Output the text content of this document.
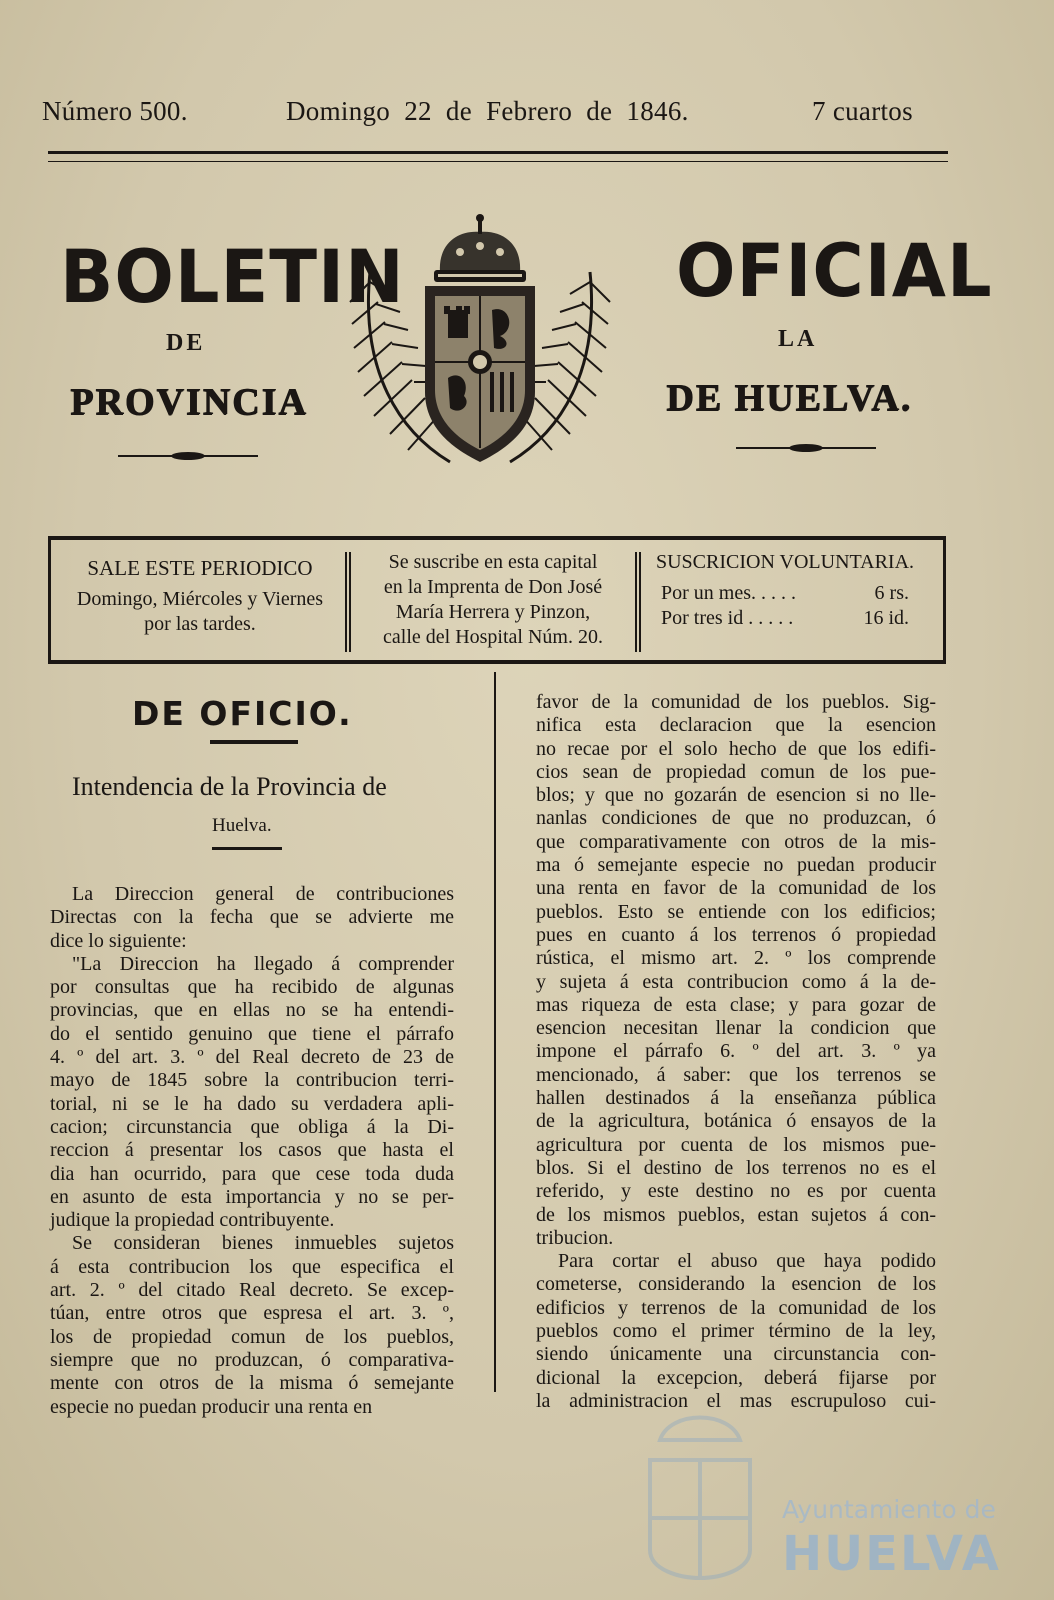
Número 500.	Domingo  22  de  Febrero  de  1846.	7 cuartos
BOLETIN	OFICIAL
DE	LA
PROVINCIA	DE HUELVA.
SALE ESTE PERIODICO
Domingo, Miércoles y Viernes
por las tardes.
Se suscribe en esta capital
en la Imprenta de Don José
María Herrera y Pinzon,
calle del Hospital Núm. 20.
SUSCRICION VOLUNTARIA.
Por un mes. . . . .	6 rs.
Por tres id . . . . .	16 id.
DE OFICIO.
Intendencia de la Provincia de
Huelva.
La Direccion general de contribuciones
Directas con la fecha que se advierte me
dice lo siguiente:
"La Direccion ha llegado á comprender
por consultas que ha recibido de algunas
provincias, que en ellas no se ha entendi-
do el sentido genuino que tiene el párrafo
4. º del art. 3. º del Real decreto de 23 de
mayo de 1845 sobre la contribucion terri-
torial, ni se le ha dado su verdadera apli-
cacion; circunstancia que obliga á la Di-
reccion á presentar los casos que hasta el
dia han ocurrido, para que cese toda duda
en asunto de esta importancia y no se per-
judique la propiedad contribuyente.
Se consideran bienes inmuebles sujetos
á esta contribucion los que especifica el
art. 2. º del citado Real decreto. Se excep-
túan, entre otros que espresa el art. 3. º,
los de propiedad comun de los pueblos,
siempre que no produzcan, ó comparativa-
mente con otros de la misma ó semejante
especie no puedan producir una renta en
favor de la comunidad de los pueblos. Sig-
nifica esta declaracion que la esencion
no recae por el solo hecho de que los edifi-
cios sean de propiedad comun de los pue-
blos; y que no gozarán de esencion si no lle-
nanlas condiciones de que no produzcan, ó
que comparativamente con otros de la mis-
ma ó semejante especie no puedan producir
una renta en favor de la comunidad de los
pueblos. Esto se entiende con los edificios;
pues en cuanto á los terrenos ó propiedad
rústica, el mismo art. 2. º los comprende
y sujeta á esta contribucion como á la de-
mas riqueza de esta clase; y para gozar de
esencion necesitan llenar la condicion que
impone el párrafo 6. º del art. 3. º ya
mencionado, á saber: que los terrenos se
hallen destinados á la enseñanza pública
de la agricultura, botánica ó ensayos de la
agricultura por cuenta de los mismos pue-
blos. Si el destino de los terrenos no es el
referido, y este destino no es por cuenta
de los mismos pueblos, estan sujetos á con-
tribucion.
Para cortar el abuso que haya podido
cometerse, considerando la esencion de los
edificios y terrenos de la comunidad de los
pueblos como el primer término de la ley,
siendo únicamente una circunstancia con-
dicional la excepcion, deberá fijarse por
la administracion el mas escrupuloso cui-
Ayuntamiento de
HUELVA
